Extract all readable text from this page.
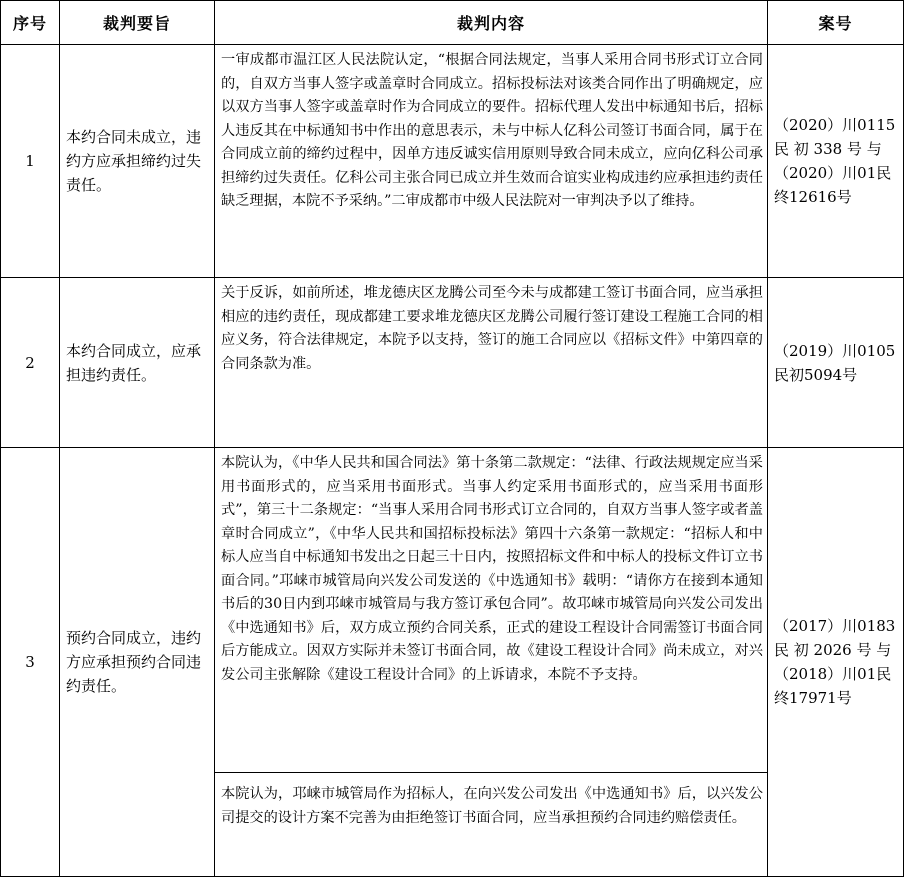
序号	裁判要旨	裁判内容	案号
1	本约合同未成立，违约方应承担缔约过失责任。	一审成都市温江区人民法院认定，“根据合同法规定，当事人采用合同书形式订立合同的，自双方当事人签字或盖章时合同成立。招标投标法对该类合同作出了明确规定，应以双方当事人签字或盖章时作为合同成立的要件。招标代理人发出中标通知书后，招标人违反其在中标通知书中作出的意思表示，未与中标人亿科公司签订书面合同，属于在合同成立前的缔约过程中，因单方违反诚实信用原则导致合同未成立，应向亿科公司承担缔约过失责任。亿科公司主张合同已成立并生效而合谊实业构成违约应承担违约责任缺乏理据，本院不予采纳。”二审成都市中级人民法院对一审判决予以了维持。	（2020）川0115民 初 338 号 与（2020）川01民终12616号
2	本约合同成立，应承担违约责任。	关于反诉，如前所述，堆龙德庆区龙腾公司至今未与成都建工签订书面合同，应当承担相应的违约责任，现成都建工要求堆龙德庆区龙腾公司履行签订建设工程施工合同的相应义务，符合法律规定，本院予以支持，签订的施工合同应以《招标文件》中第四章的合同条款为准。	（2019）川0105民初5094号
3	预约合同成立，违约方应承担预约合同违约责任。	本院认为，《中华人民共和国合同法》第十条第二款规定：“法律、行政法规规定应当采用书面形式的，应当采用书面形式。当事人约定采用书面形式的，应当采用书面形式”，第三十二条规定：“当事人采用合同书形式订立合同的，自双方当事人签字或者盖章时合同成立”，《中华人民共和国招标投标法》第四十六条第一款规定：“招标人和中标人应当自中标通知书发出之日起三十日内，按照招标文件和中标人的投标文件订立书面合同。”邛崃市城管局向兴发公司发送的《中选通知书》载明：“请你方在接到本通知书后的30日内到邛崃市城管局与我方签订承包合同”。故邛崃市城管局向兴发公司发出《中选通知书》后，双方成立预约合同关系，正式的建设工程设计合同需签订书面合同后方能成立。因双方实际并未签订书面合同，故《建设工程设计合同》尚未成立，对兴发公司主张解除《建设工程设计合同》的上诉请求，本院不予支持。	（2017）川0183民 初 2026 号 与（2018）川01民终17971号

		本院认为，邛崃市城管局作为招标人，在向兴发公司发出《中选通知书》后，以兴发公司提交的设计方案不完善为由拒绝签订书面合同，应当承担预约合同违约赔偿责任。	
